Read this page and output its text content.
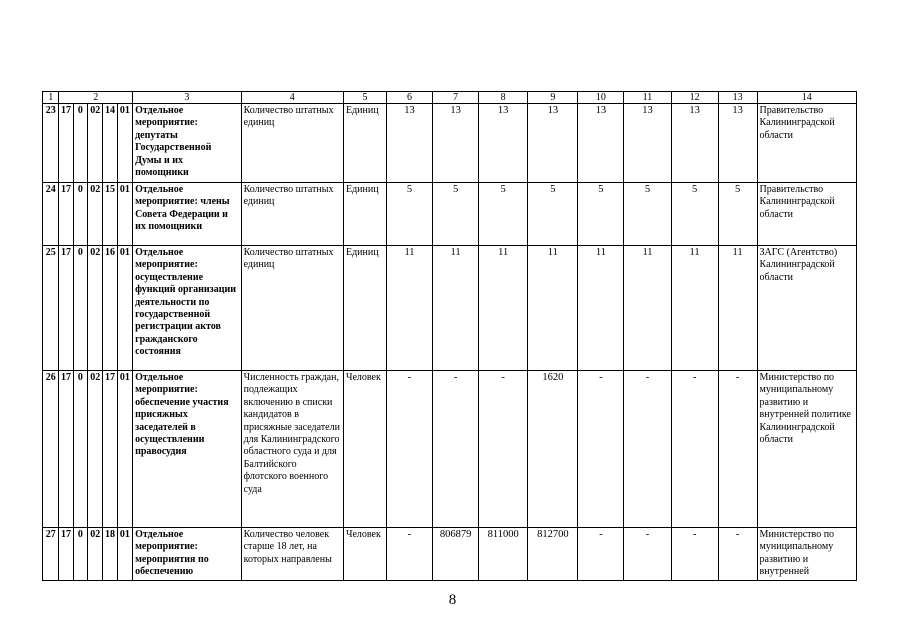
1	2					3	4	5	6	7	8	9	10	11	12	13	14
23	17	0	02	14	01	Отдельное мероприятие: депутаты Государственной Думы и их помощники	Количество штатных единиц	Единиц	13	13	13	13	13	13	13	13	Правительство Калининградской области
24	17	0	02	15	01	Отдельное мероприятие: члены Совета Федерации и их помощники	Количество штатных единиц	Единиц	5	5	5	5	5	5	5	5	Правительство Калининградской области
25	17	0	02	16	01	Отдельное мероприятие: осуществление функций организации деятельности по государственной регистрации актов гражданского состояния	Количество штатных единиц	Единиц	11	11	11	11	11	11	11	11	ЗАГС (Агентство) Калининградской области
26	17	0	02	17	01	Отдельное мероприятие: обеспечение участия присяжных заседателей в осуществлении правосудия	Численность граждан, подлежащих включению в списки кандидатов в присяжные заседатели для Калининградского областного суда и для Балтийского флотского военного суда	Человек	-	-	-	1620	-	-	-	-	Министерство по муниципальному развитию и внутренней политике Калининградской области
27	17	0	02	18	01	Отдельное мероприятие: мероприятия по обеспечению	Количество человек старше 18 лет, на которых направлены	Человек	-	806879	811000	812700	-	-	-	-	Министерство по муниципальному развитию и внутренней
8
